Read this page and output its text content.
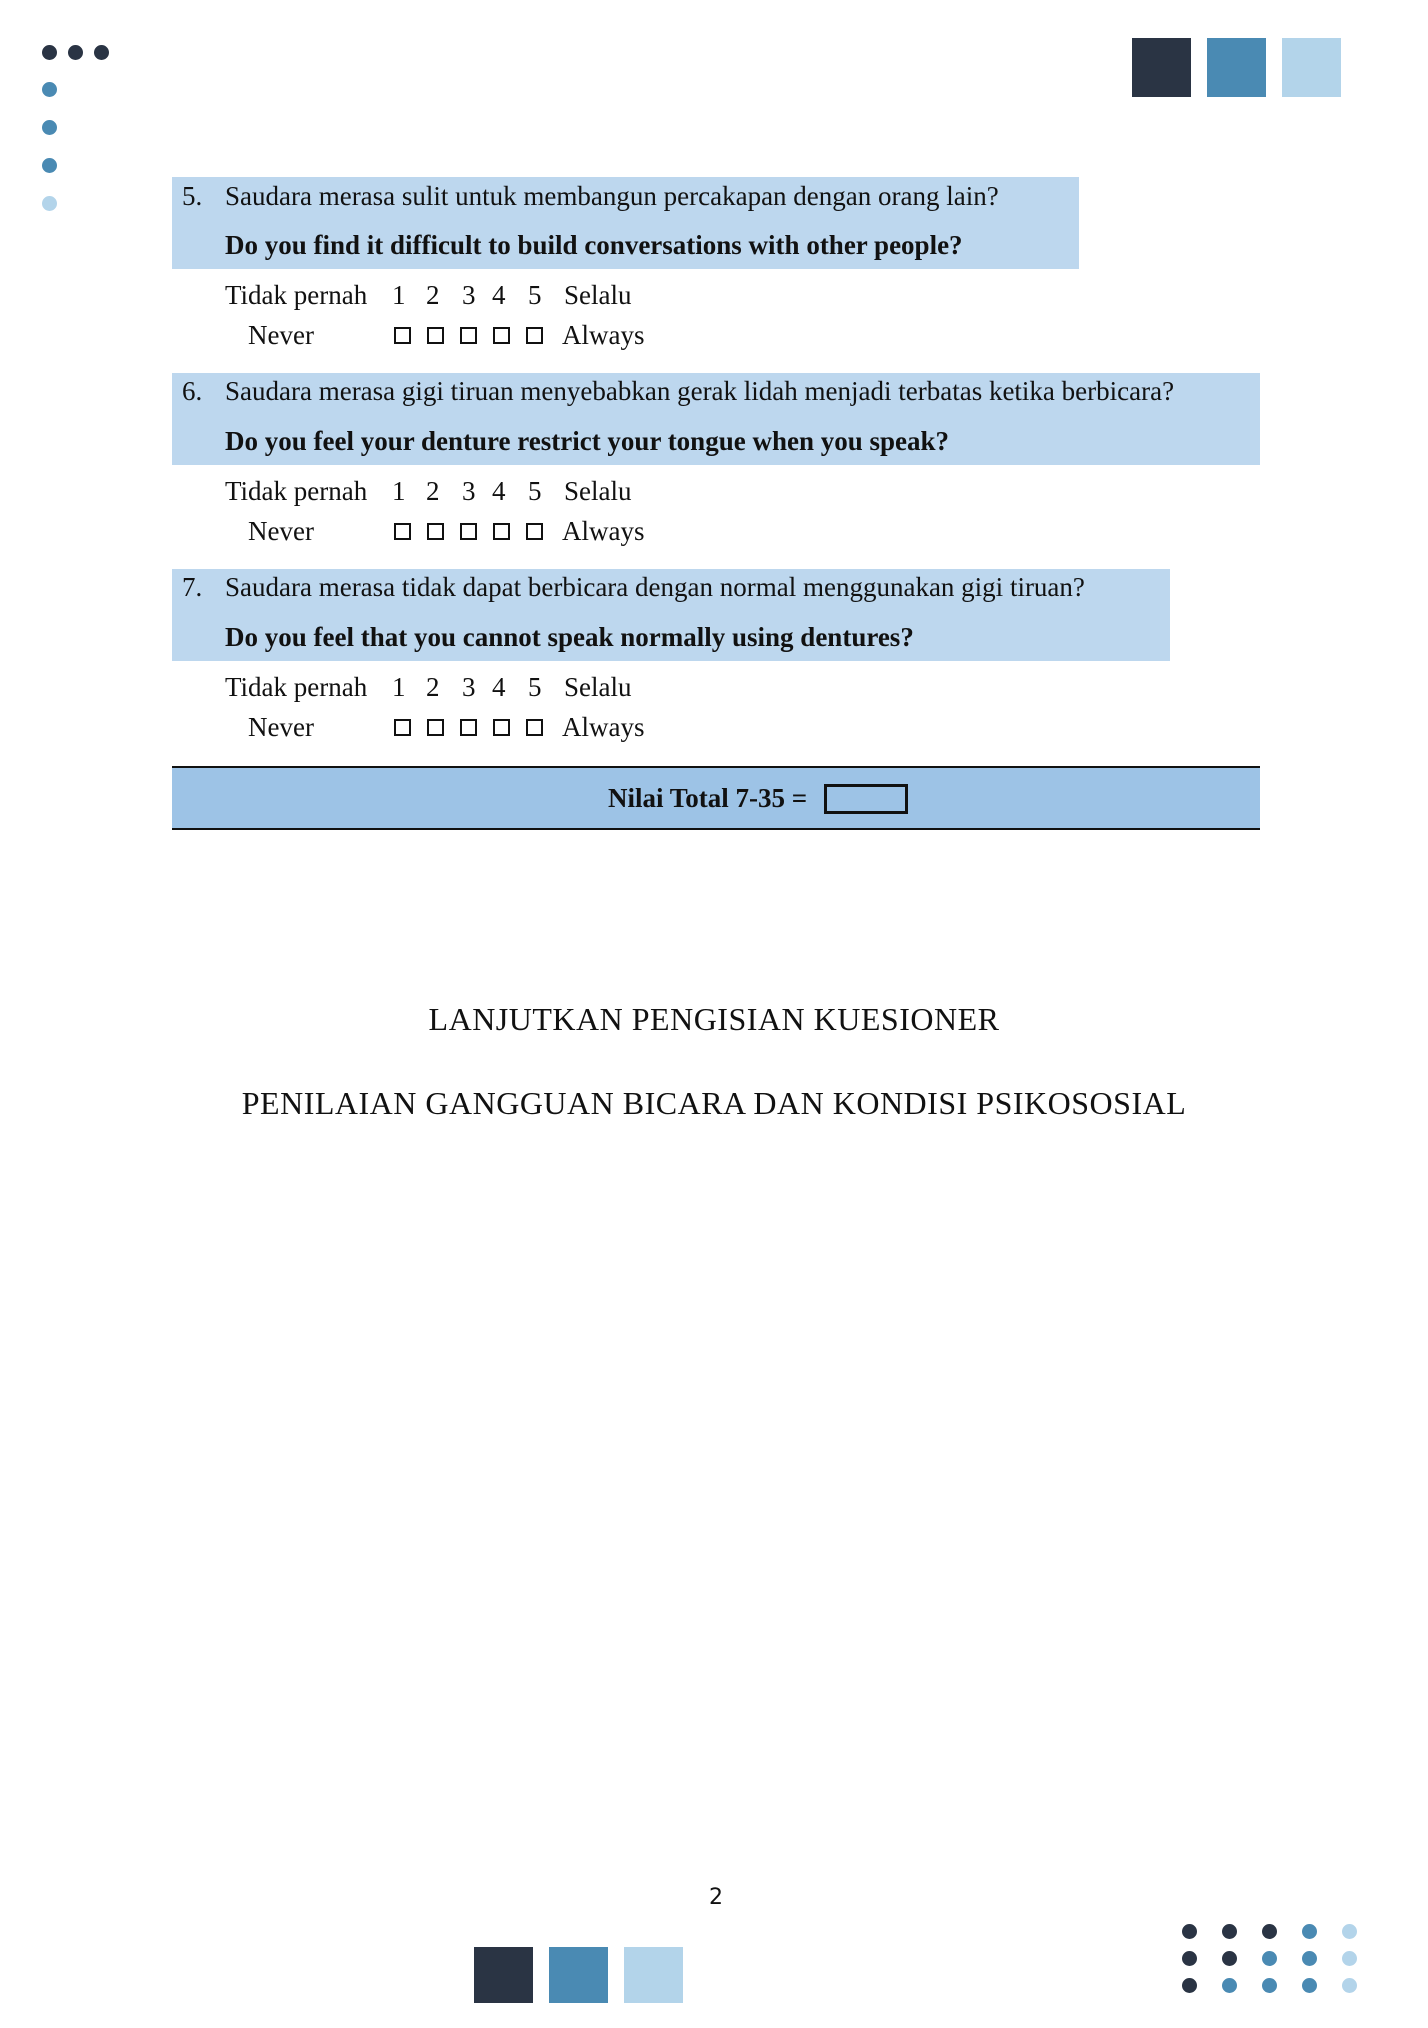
5. Saudara merasa sulit untuk membangun percakapan dengan orang lain?
Do you find it difficult to build conversations with other people?
Tidak pernah 1 2 3 4 5 Selalu
Never	Always
6. Saudara merasa gigi tiruan menyebabkan gerak lidah menjadi terbatas ketika berbicara?
Do you feel your denture restrict your tongue when you speak?
Tidak pernah 1 2 3 4 5 Selalu
Never	Always
7. Saudara merasa tidak dapat berbicara dengan normal menggunakan gigi tiruan?
Do you feel that you cannot speak normally using dentures?
Tidak pernah 1 2 3 4 5 Selalu
Never	Always
Nilai Total 7-35 =
LANJUTKAN PENGISIAN KUESIONER
PENILAIAN GANGGUAN BICARA DAN KONDISI PSIKOSOSIAL
2
